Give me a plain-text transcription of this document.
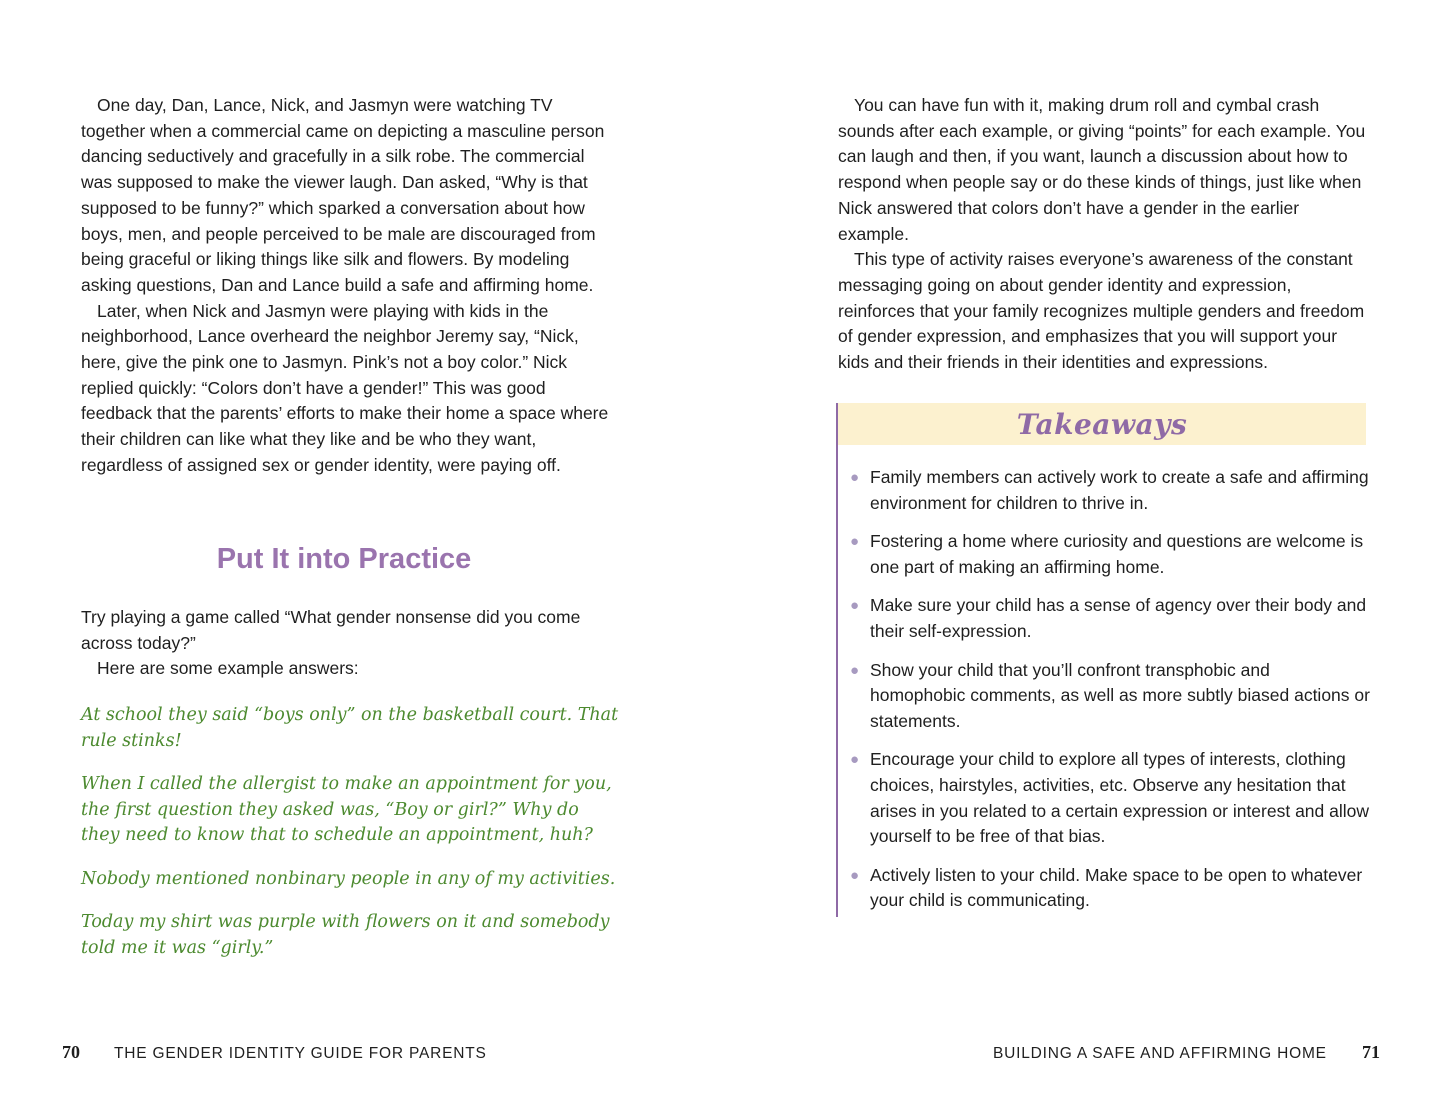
One day, Dan, Lance, Nick, and Jasmyn were watching TV together when a commercial came on depicting a masculine person dancing seductively and gracefully in a silk robe. The commercial was supposed to make the viewer laugh. Dan asked, “Why is that supposed to be funny?” which sparked a conversation about how boys, men, and people perceived to be male are discouraged from being graceful or liking things like silk and flowers. By modeling asking questions, Dan and Lance build a safe and affirming home.

Later, when Nick and Jasmyn were playing with kids in the neighborhood, Lance overheard the neighbor Jeremy say, “Nick, here, give the pink one to Jasmyn. Pink’s not a boy color.” Nick replied quickly: “Colors don’t have a gender!” This was good feedback that the parents’ efforts to make their home a space where their children can like what they like and be who they want, regardless of assigned sex or gender identity, were paying off.

Put It into Practice

Try playing a game called “What gender nonsense did you come across today?”

Here are some example answers:

At school they said “boys only” on the basketball court. That rule stinks!

When I called the allergist to make an appointment for you, the first question they asked was, “Boy or girl?” Why do they need to know that to schedule an appointment, huh?

Nobody mentioned nonbinary people in any of my activities.

Today my shirt was purple with flowers on it and somebody told me it was “girly.”

70 THE GENDER IDENTITY GUIDE FOR PARENTS

You can have fun with it, making drum roll and cymbal crash sounds after each example, or giving “points” for each example. You can laugh and then, if you want, launch a discussion about how to respond when people say or do these kinds of things, just like when Nick answered that colors don’t have a gender in the earlier example.

This type of activity raises everyone’s awareness of the constant messaging going on about gender identity and expression, reinforces that your family recognizes multiple genders and freedom of gender expression, and emphasizes that you will support your kids and their friends in their identities and expressions.

Takeaways
● Family members can actively work to create a safe and affirming environment for children to thrive in.
● Fostering a home where curiosity and questions are welcome is one part of making an affirming home.
● Make sure your child has a sense of agency over their body and their self-expression.
● Show your child that you’ll confront transphobic and homophobic comments, as well as more subtly biased actions or statements.
● Encourage your child to explore all types of interests, clothing choices, hairstyles, activities, etc. Observe any hesitation that arises in you related to a certain expression or interest and allow yourself to be free of that bias.
● Actively listen to your child. Make space to be open to whatever your child is communicating.
BUILDING A SAFE AND AFFIRMING HOME 71
